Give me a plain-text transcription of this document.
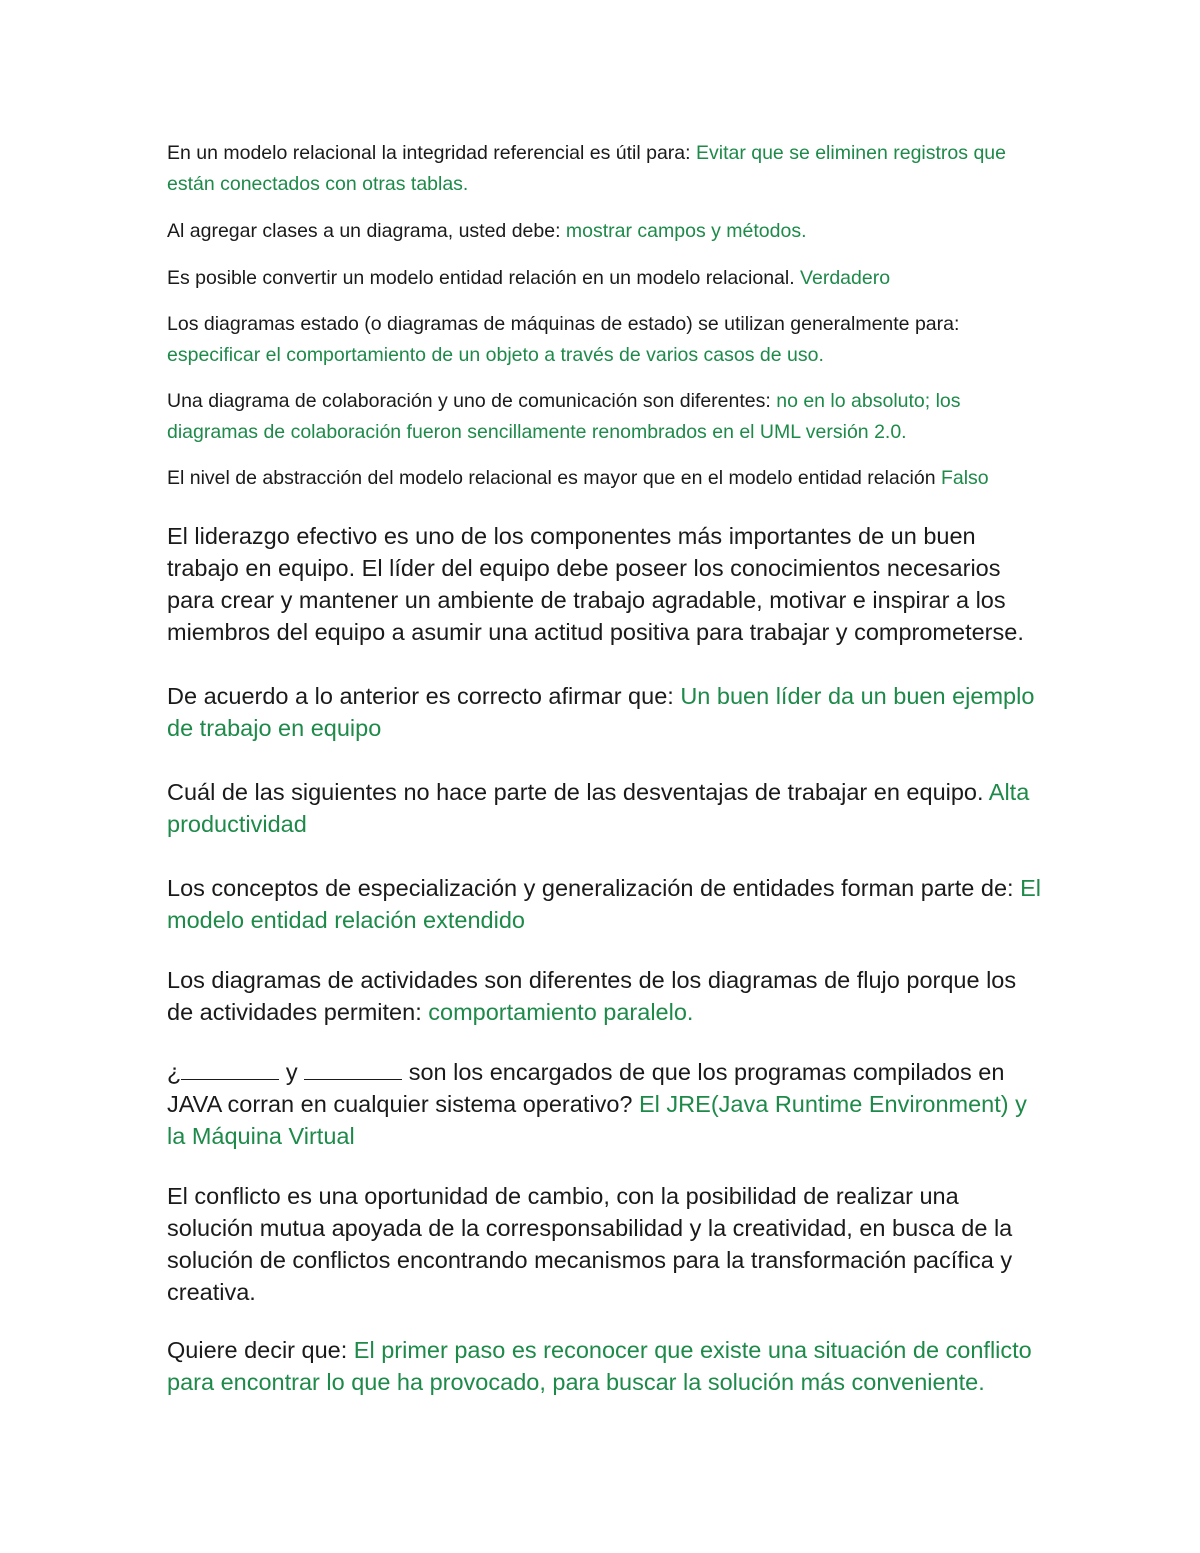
En un modelo relacional la integridad referencial es útil para: Evitar que se eliminen registros que están conectados con otras tablas.

Al agregar clases a un diagrama, usted debe: mostrar campos y métodos.

Es posible convertir un modelo entidad relación en un modelo relacional. Verdadero

Los diagramas estado (o diagramas de máquinas de estado) se utilizan generalmente para: especificar el comportamiento de un objeto a través de varios casos de uso.

Una diagrama de colaboración y uno de comunicación son diferentes: no en lo absoluto; los diagramas de colaboración fueron sencillamente renombrados en el UML versión 2.0.

El nivel de abstracción del modelo relacional es mayor que en el modelo entidad relación Falso

El liderazgo efectivo es uno de los componentes más importantes de un buen trabajo en equipo. El líder del equipo debe poseer los conocimientos necesarios para crear y mantener un ambiente de trabajo agradable, motivar e inspirar a los miembros del equipo a asumir una actitud positiva para trabajar y comprometerse.

De acuerdo a lo anterior es correcto afirmar que: Un buen líder da un buen ejemplo de trabajo en equipo

Cuál de las siguientes no hace parte de las desventajas de trabajar en equipo. Alta productividad

Los conceptos de especialización y generalización de entidades forman parte de: El modelo entidad relación extendido

Los diagramas de actividades son diferentes de los diagramas de flujo porque los de actividades permiten: comportamiento paralelo.

¿	y	son los encargados de que los programas compilados en JAVA corran en cualquier sistema operativo? El JRE(Java Runtime Environment) y la Máquina Virtual

El conflicto es una oportunidad de cambio, con la posibilidad de realizar una solución mutua apoyada de la corresponsabilidad y la creatividad, en busca de la solución de conflictos encontrando mecanismos para la transformación pacífica y creativa.

Quiere decir que: El primer paso es reconocer que existe una situación de conflicto para encontrar lo que ha provocado, para buscar la solución más conveniente.
